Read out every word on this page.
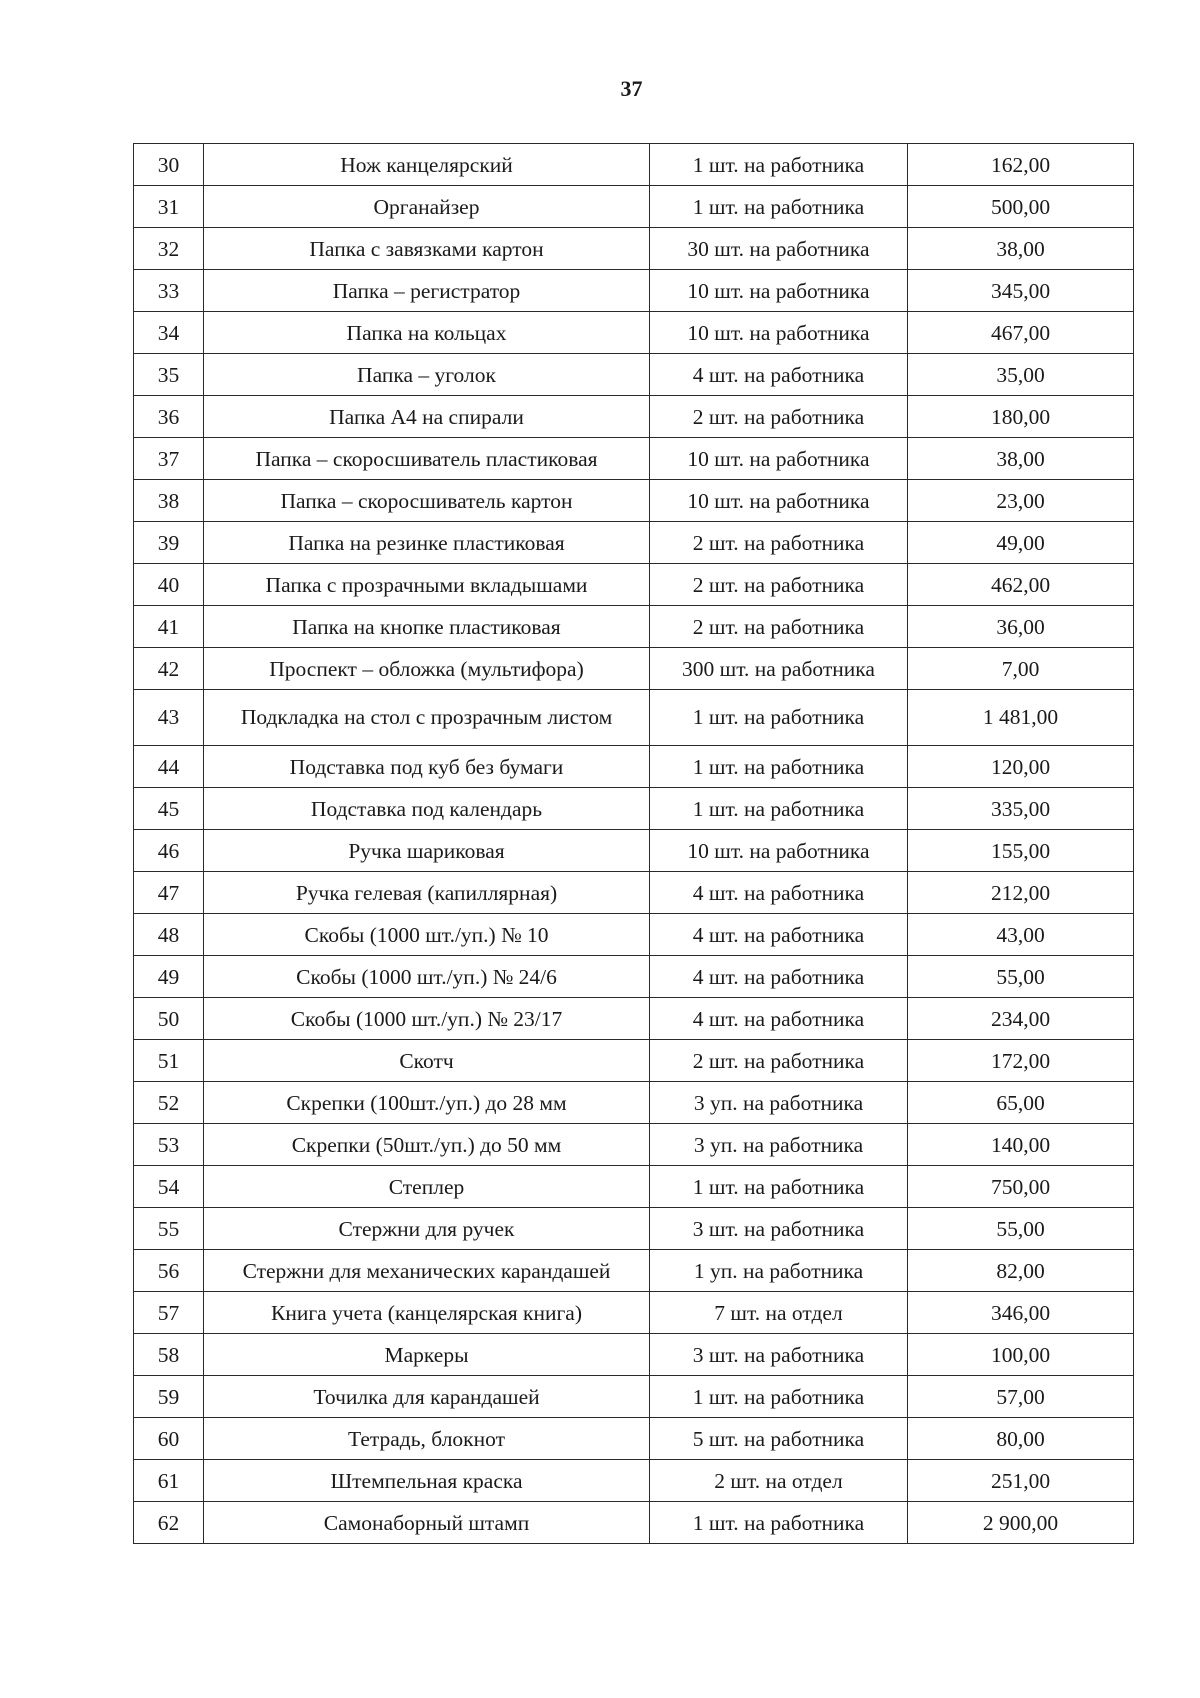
37
30	Нож канцелярский	1 шт. на работника	162,00
31	Органайзер	1 шт. на работника	500,00
32	Папка с завязками картон	30 шт. на работника	38,00
33	Папка – регистратор	10 шт. на работника	345,00
34	Папка на кольцах	10 шт. на работника	467,00
35	Папка – уголок	4 шт. на работника	35,00
36	Папка А4 на спирали	2 шт. на работника	180,00
37	Папка – скоросшиватель пластиковая	10 шт. на работника	38,00
38	Папка – скоросшиватель картон	10 шт. на работника	23,00
39	Папка на резинке пластиковая	2 шт. на работника	49,00
40	Папка с прозрачными вкладышами	2 шт. на работника	462,00
41	Папка на кнопке пластиковая	2 шт. на работника	36,00
42	Проспект – обложка (мультифора)	300 шт. на работника	7,00
43	Подкладка на стол с прозрачным листом	1 шт. на работника	1 481,00
44	Подставка под куб без бумаги	1 шт. на работника	120,00
45	Подставка под календарь	1 шт. на работника	335,00
46	Ручка шариковая	10 шт. на работника	155,00
47	Ручка гелевая (капиллярная)	4 шт. на работника	212,00
48	Скобы (1000 шт./уп.) № 10	4 шт. на работника	43,00
49	Скобы (1000 шт./уп.) № 24/6	4 шт. на работника	55,00
50	Скобы (1000 шт./уп.) № 23/17	4 шт. на работника	234,00
51	Скотч	2 шт. на работника	172,00
52	Скрепки (100шт./уп.) до 28 мм	3 уп. на работника	65,00
53	Скрепки (50шт./уп.) до 50 мм	3 уп. на работника	140,00
54	Степлер	1 шт. на работника	750,00
55	Стержни для ручек	3 шт. на работника	55,00
56	Стержни для механических карандашей	1 уп. на работника	82,00
57	Книга учета (канцелярская книга)	7 шт. на отдел	346,00
58	Маркеры	3 шт. на работника	100,00
59	Точилка для карандашей	1 шт. на работника	57,00
60	Тетрадь, блокнот	5 шт. на работника	80,00
61	Штемпельная краска	2 шт. на отдел	251,00
62	Самонаборный штамп	1 шт. на работника	2 900,00
